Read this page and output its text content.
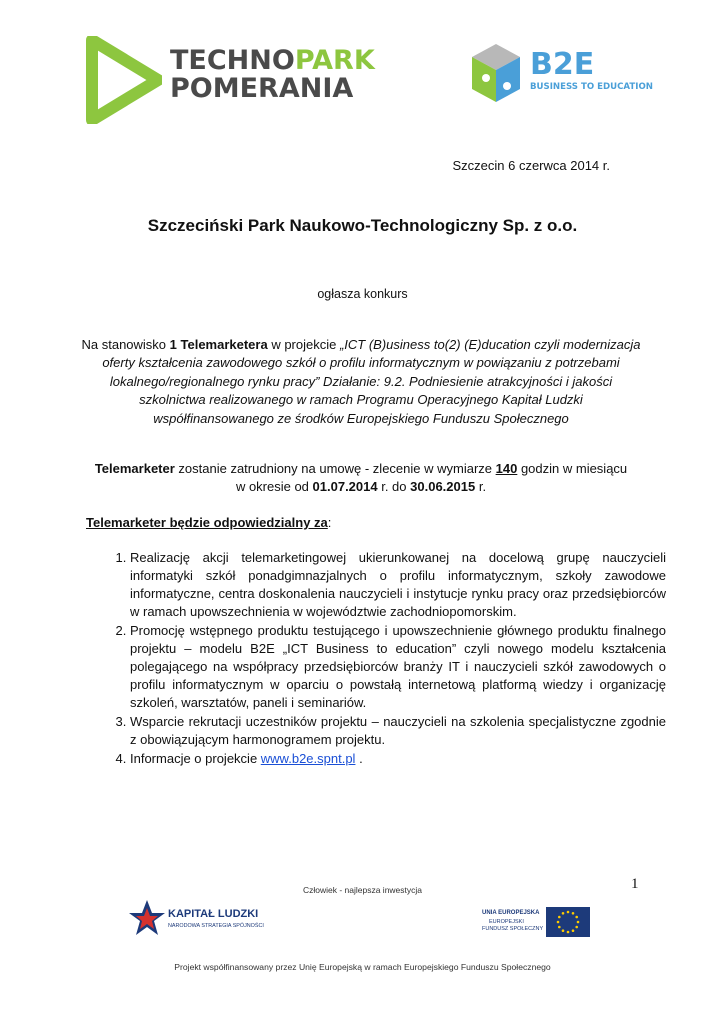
TECHNOPARK
POMERANIA
B2E
BUSINESS TO EDUCATION
Szczecin 6 czerwca 2014 r.
Szczeciński Park Naukowo-Technologiczny Sp. z o.o.
ogłasza konkurs
Na stanowisko 1 Telemarketera w projekcie „ICT (B)usiness to(2) (E)ducation czyli modernizacja oferty kształcenia zawodowego szkół o profilu informatycznym w powiązaniu z potrzebami lokalnego/regionalnego rynku pracy” Działanie: 9.2. Podniesienie atrakcyjności i jakości szkolnictwa realizowanego w ramach Programu Operacyjnego Kapitał Ludzki współfinansowanego ze środków Europejskiego Funduszu Społecznego
Telemarketer zostanie zatrudniony na umowę - zlecenie w wymiarze 140 godzin w miesiącu
w okresie od 01.07.2014 r. do 30.06.2015 r.
Telemarketer będzie odpowiedzialny za:
1. Realizację akcji telemarketingowej ukierunkowanej na docelową grupę nauczycieli informatyki szkół ponadgimnazjalnych o profilu informatycznym, szkoły zawodowe informatyczne, centra doskonalenia nauczycieli i instytucje rynku pracy oraz przedsiębiorców w ramach upowszechnienia w województwie zachodniopomorskim.
2. Promocję wstępnego produktu testującego i upowszechnienie głównego produktu finalnego projektu – modelu B2E „ICT Business to education” czyli nowego modelu kształcenia polegającego na współpracy przedsiębiorców branży IT i nauczycieli szkół zawodowych o profilu informatycznym w oparciu o powstałą internetową platformą wiedzy i organizację szkoleń, warsztatów, paneli i seminariów.
3. Wsparcie rekrutacji uczestników projektu – nauczycieli na szkolenia specjalistyczne zgodnie z obowiązującym harmonogramem projektu.
4. Informacje o projekcie www.b2e.spnt.pl .
1
Człowiek - najlepsza inwestycja
KAPITAŁ LUDZKI
NARODOWA STRATEGIA SPÓJNOŚCI
UNIA EUROPEJSKA
EUROPEJSKI
FUNDUSZ SPOŁECZNY
Projekt współfinansowany przez Unię Europejską w ramach Europejskiego Funduszu Społecznego
